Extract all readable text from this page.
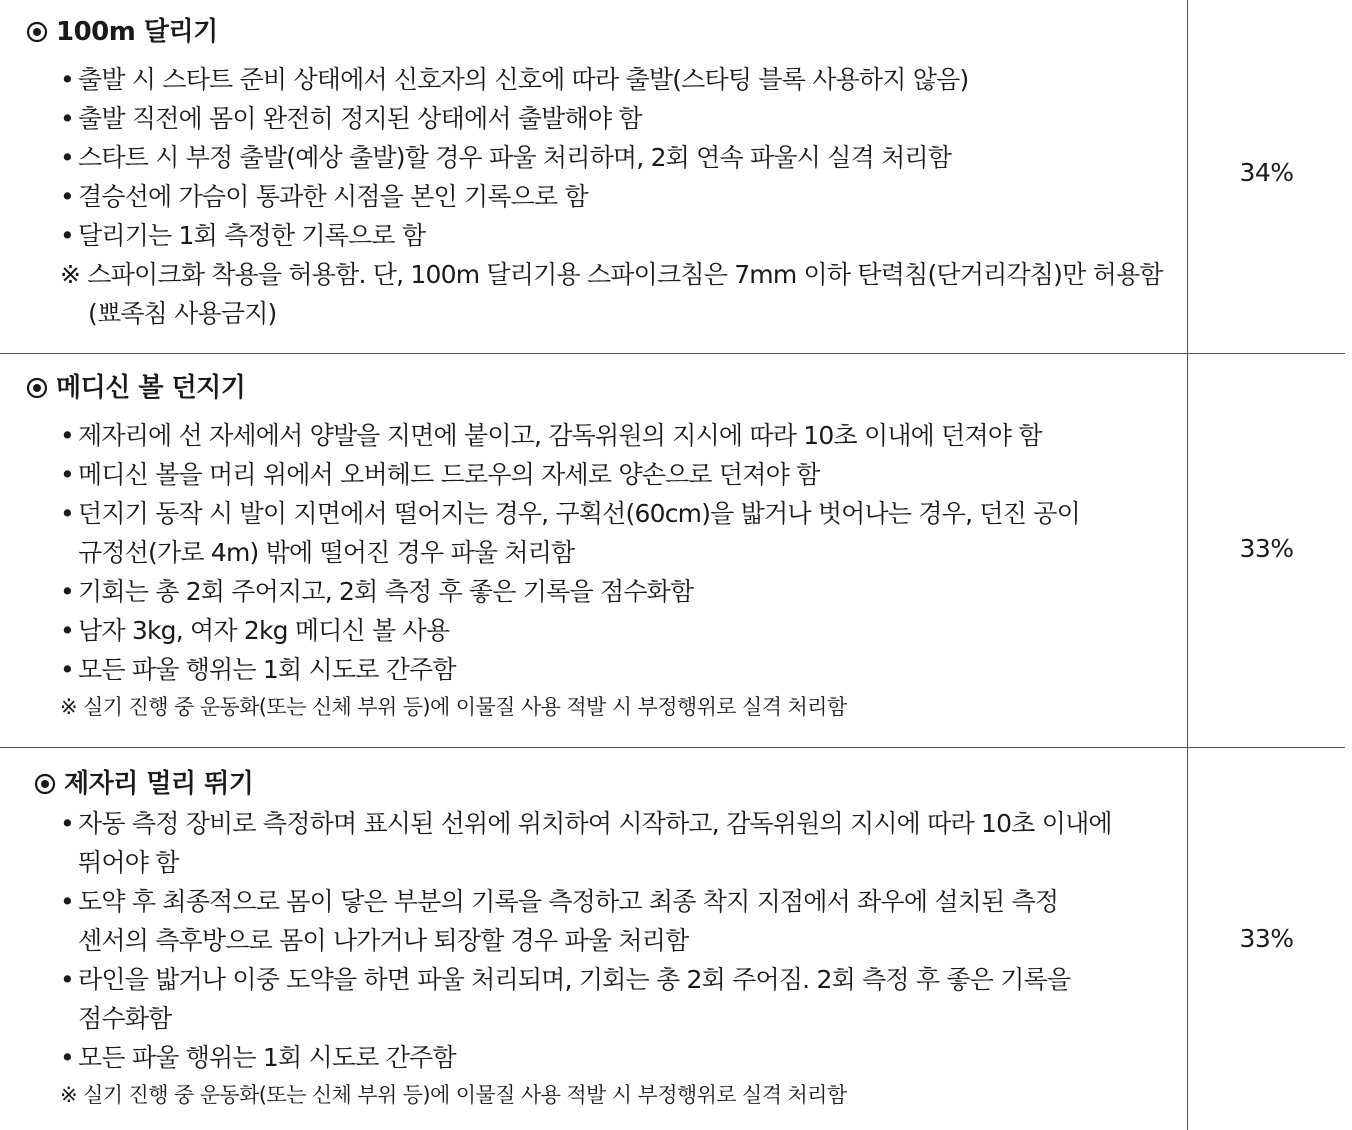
100m 달리기
• 출발 시 스타트 준비 상태에서 신호자의 신호에 따라 출발(스타팅 블록 사용하지 않음)
• 출발 직전에 몸이 완전히 정지된 상태에서 출발해야 함
• 스타트 시 부정 출발(예상 출발)할 경우 파울 처리하며, 2회 연속 파울시 실격 처리함
• 결승선에 가슴이 통과한 시점을 본인 기록으로 함
• 달리기는 1회 측정한 기록으로 함
※ 스파이크화 착용을 허용함. 단, 100m 달리기용 스파이크침은 7mm 이하 탄력침(단거리각침)만 허용함
(뾰족침 사용금지)
34%
메디신 볼 던지기
• 제자리에 선 자세에서 양발을 지면에 붙이고, 감독위원의 지시에 따라 10초 이내에 던져야 함
• 메디신 볼을 머리 위에서 오버헤드 드로우의 자세로 양손으로 던져야 함
• 던지기 동작 시 발이 지면에서 떨어지는 경우, 구획선(60cm)을 밟거나 벗어나는 경우, 던진 공이
규정선(가로 4m) 밖에 떨어진 경우 파울 처리함
• 기회는 총 2회 주어지고, 2회 측정 후 좋은 기록을 점수화함
• 남자 3kg, 여자 2kg 메디신 볼 사용
• 모든 파울 행위는 1회 시도로 간주함
※ 실기 진행 중 운동화(또는 신체 부위 등)에 이물질 사용 적발 시 부정행위로 실격 처리함
33%
제자리 멀리 뛰기
• 자동 측정 장비로 측정하며 표시된 선위에 위치하여 시작하고, 감독위원의 지시에 따라 10초 이내에
뛰어야 함
• 도약 후 최종적으로 몸이 닿은 부분의 기록을 측정하고 최종 착지 지점에서 좌우에 설치된 측정
센서의 측후방으로 몸이 나가거나 퇴장할 경우 파울 처리함
• 라인을 밟거나 이중 도약을 하면 파울 처리되며, 기회는 총 2회 주어짐. 2회 측정 후 좋은 기록을
점수화함
• 모든 파울 행위는 1회 시도로 간주함
※ 실기 진행 중 운동화(또는 신체 부위 등)에 이물질 사용 적발 시 부정행위로 실격 처리함
33%
